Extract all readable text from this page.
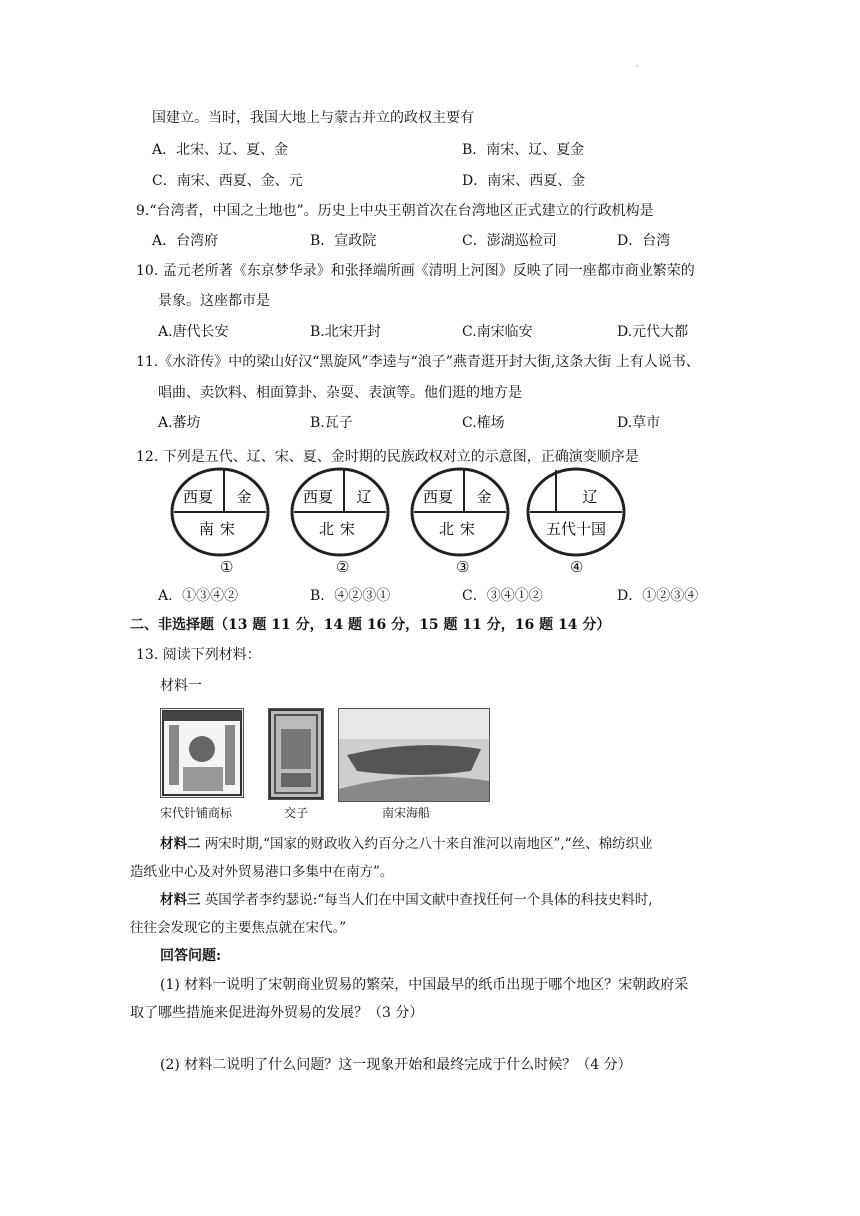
·
国建立。当时，我国大地上与蒙古并立的政权主要有
A．北宋、辽、夏、金	B．南宋、辽、夏金
C．南宋、西夏、金、元	D．南宋、西夏、金
9.“台湾者，中国之土地也”。历史上中央王朝首次在台湾地区正式建立的行政机构是
A．台湾府	B．宣政院	C．澎湖巡检司	D．台湾
10. 孟元老所著《东京梦华录》和张择端所画《清明上河图》反映了同一座都市商业繁荣的
景象。这座都市是
A.唐代长安	B.北宋开封	C.南宋临安	D.元代大都
11.《水浒传》中的梁山好汉“黑旋风”李逵与“浪子”燕青逛开封大街,这条大街 上有人说书、
唱曲、卖饮料、相面算卦、杂耍、表演等。他们逛的地方是
A.蕃坊	B.瓦子	C.榷场	D.草市
12. 下列是五代、辽、宋、夏、金时期的民族政权对立的示意图，正确演变顺序是
西夏 金
南宋
西夏 辽
北宋
西夏 金
北宋
辽
五代十国
①	②	③	④
A．①③④②	B．④②③①	C．③④①②	D．①②③④
二、非选择题（13 题 11 分，14 题 16 分，15 题 11 分，16 题 14 分）
13. 阅读下列材料：
材料一
宋代针铺商标	交子	南宋海船
材料二 两宋时期,“国家的财政收入约百分之八十来自淮河以南地区”,“丝、棉纺织业
造纸业中心及对外贸易港口多集中在南方”。
材料三 英国学者李约瑟说:“每当人们在中国文献中查找任何一个具体的科技史料时,
往往会发现它的主要焦点就在宋代。”
回答问题:
(1) 材料一说明了宋朝商业贸易的繁荣，中国最早的纸币出现于哪个地区？宋朝政府采
取了哪些措施来促进海外贸易的发展？（3 分）
(2) 材料二说明了什么问题？这一现象开始和最终完成于什么时候？（4 分）
